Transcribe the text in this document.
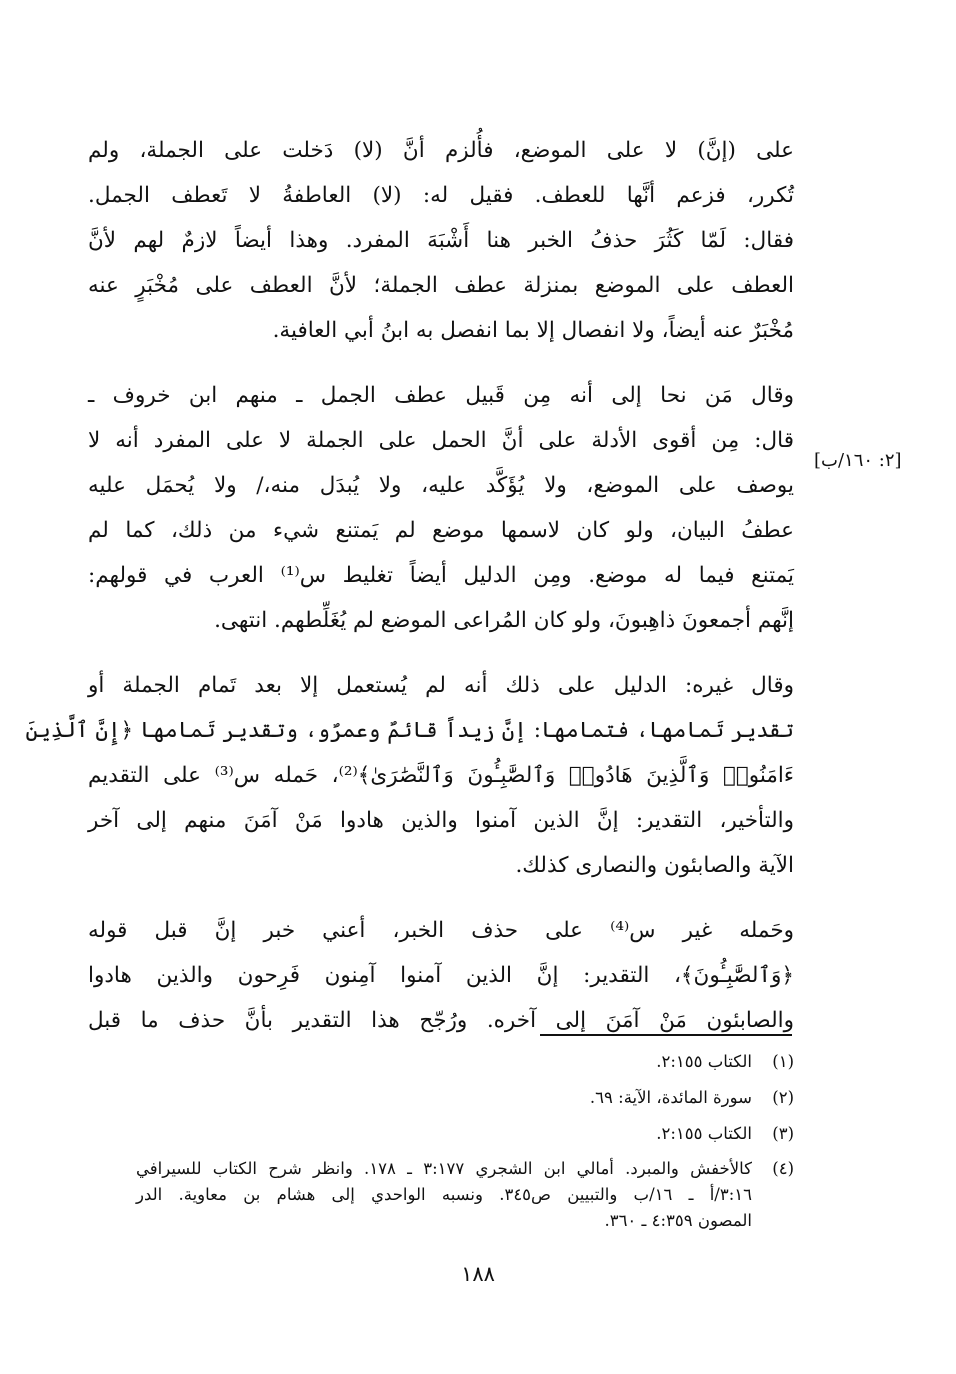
على (إنَّ) لا على الموضع، فأُلزم أنَّ (لا) دَخلت على الجملة، ولم
تُكرر، فزعم أنَّها للعطف. فقيل له: (لا) العاطفةُ لا تَعطف الجمل.
فقال: لَمّا كَثُرَ حذفُ الخبر هنا أَشْبَهَ المفرد. وهذا أيضاً لازمٌ لهم لأنَّ
العطف على الموضع بمنزلة عطف الجملة؛ لأنَّ العطف على مُخْبَرٍ عنه
مُخْبَرٌ عنه أيضاً، ولا انفصال إلا بما انفصل به ابنُ أبي العافية.

وقال مَن نحا إلى أنه مِن قَبيل عطف الجمل ـ منهم ابن خروف ـ
قال: مِن أقوى الأدلة على أنَّ الحمل على الجملة لا على المفرد أنه لا
يوصف على الموضع، ولا يُؤَكَّد عليه، ولا يُبدَل منه،/ ولا يُحمَل عليه
عطفُ البيان، ولو كان لاسمها موضع لم يَمتنع شيء من ذلك، كما لم
يَمتنع فيما له موضع. ومِن الدليل أيضاً تغليط س⁽¹⁾ العرب في قولهم:
إنَّهم أجمعونَ ذاهِبونَ، ولو كان المُراعى الموضع لم يُغَلِّطهم. انتهى.

وقال غيره: الدليل على ذلك أنه لم يُستعمل إلا بعد تَمام الجملة أو
تقدير تَمامها، فتمامها: إنَّ زيداً قائمٌ وعمرٌو، وتقدير تَمامها ﴿إِنَّ ٱلَّذِينَ
ءَامَنُوا۟ وَٱلَّذِينَ هَادُوا۟ وَٱلصَّٰبِـُٔونَ وَٱلنَّصَٰرَىٰ﴾⁽²⁾، حَمله س⁽³⁾ على التقديم
والتأخير، التقدير: إنَّ الذين آمنوا والذين هادوا مَنْ آمَنَ منهم إلى آخر
الآية والصابئون والنصارى كذلك.

وحَمله غير س⁽⁴⁾ على حذف الخبر، أعني خبر إنَّ قبل قوله
﴿وَٱلصَّٰبِـُٔونَ﴾، التقدير: إنَّ الذين آمنوا آمِنون فَرِحون والذين هادوا
والصابئون مَنْ آمَنَ إلى آخره. ورُجّح هذا التقدير بأنَّ حذف ما قبل

[٢: ١٦٠/ب]
(١)
الكتاب ٢:١٥٥.
(٢)
سورة المائدة، الآية: ٦٩.
(٣)
الكتاب ٢:١٥٥.
(٤)
كالأخفش والمبرد. أمالي ابن الشجري ٣:١٧٧ ـ ١٧٨. وانظر شرح الكتاب للسيرافي
٣:١٦/أ ـ ١٦/ب والتبيين ص٣٤٥. ونسبه الواحدي إلى هشام بن معاوية. الدر
المصون ٤:٣٥٩ ـ ٣٦٠.
١٨٨
